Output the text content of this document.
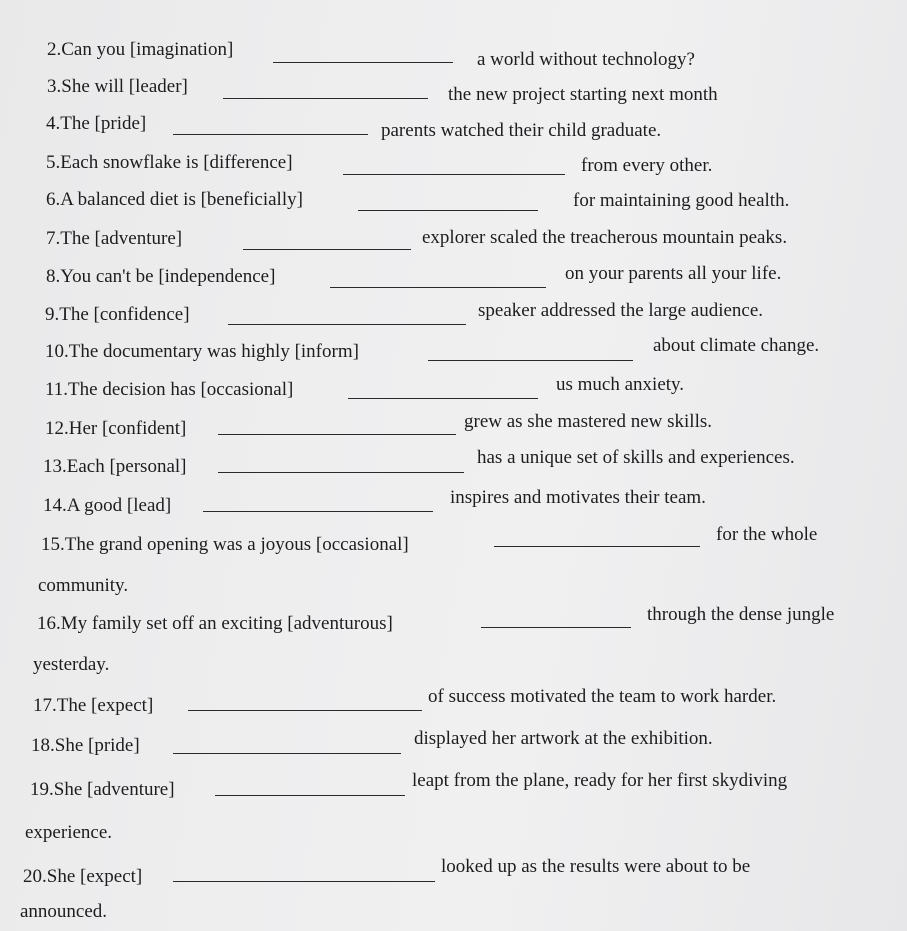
2.Can you [imagination]	a world without technology?
3.She will [leader]	the new project starting next month
4.The [pride]	parents watched their child graduate.
5.Each snowflake is [difference]	from every other.
6.A balanced diet is [beneficially]	for maintaining good health.
7.The [adventure]	explorer scaled the treacherous mountain peaks.
8.You can't be [independence]	on your parents all your life.
9.The [confidence]	speaker addressed the large audience.
10.The documentary was highly [inform]	about climate change.
11.The decision has [occasional]	us much anxiety.
12.Her [confident]	grew as she mastered new skills.
13.Each [personal]	has a unique set of skills and experiences.
14.A good [lead]	inspires and motivates their team.
15.The grand opening was a joyous [occasional]	for the whole
community.
16.My family set off an exciting [adventurous]	through the dense jungle
yesterday.
17.The [expect]	of success motivated the team to work harder.
18.She [pride]	displayed her artwork at the exhibition.
19.She [adventure]	leapt from the plane, ready for her first skydiving
experience.
20.She [expect]	looked up as the results were about to be
announced.
